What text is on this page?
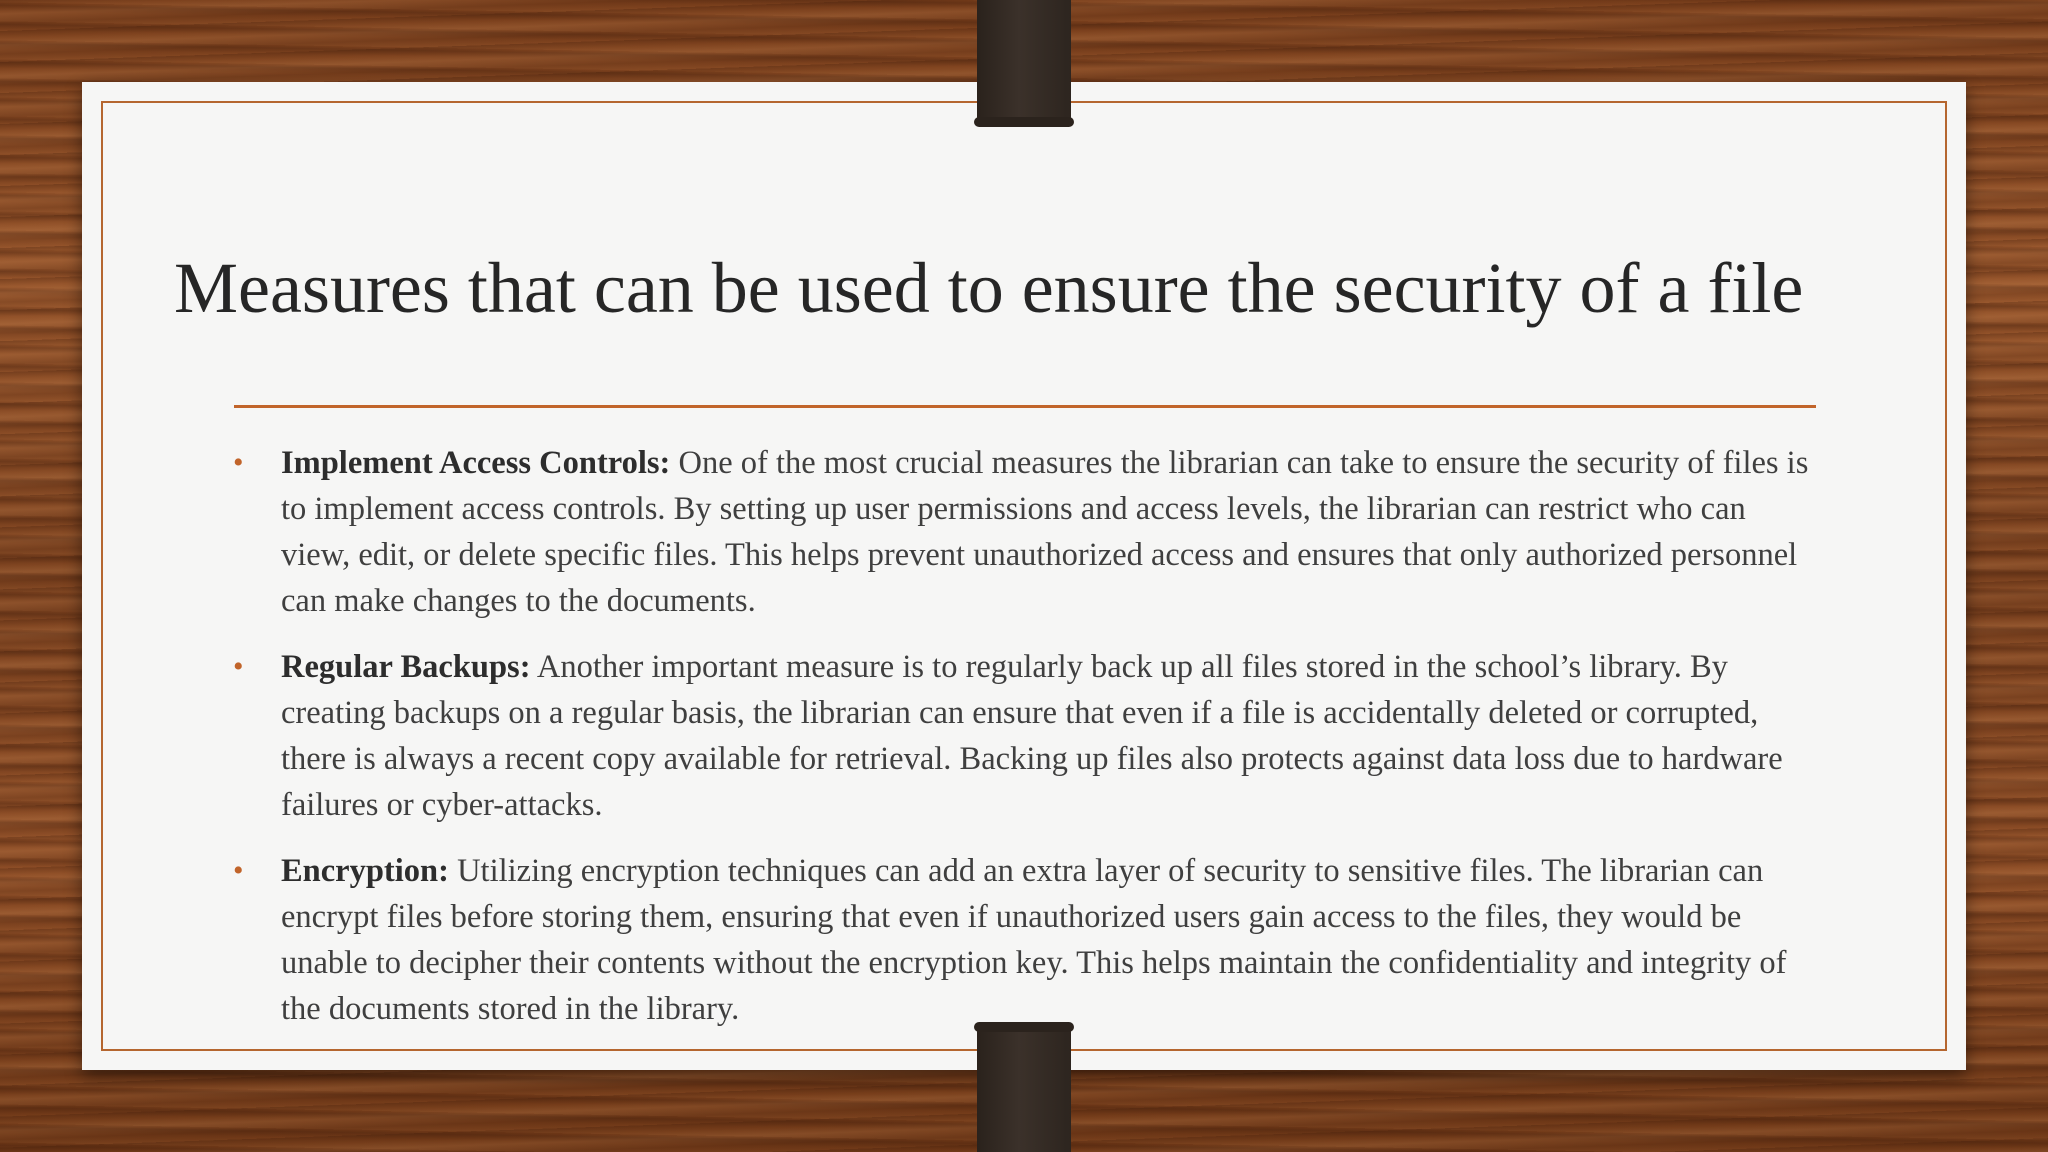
Measures that can be used to ensure the security of a file
• Implement Access Controls: One of the most crucial measures the librarian can take to ensure the security of files is to implement access controls. By setting up user permissions and access levels, the librarian can restrict who can view, edit, or delete specific files. This helps prevent unauthorized access and ensures that only authorized personnel can make changes to the documents.
• Regular Backups: Another important measure is to regularly back up all files stored in the school’s library. By creating backups on a regular basis, the librarian can ensure that even if a file is accidentally deleted or corrupted, there is always a recent copy available for retrieval. Backing up files also protects against data loss due to hardware failures or cyber-attacks.
• Encryption: Utilizing encryption techniques can add an extra layer of security to sensitive files. The librarian can encrypt files before storing them, ensuring that even if unauthorized users gain access to the files, they would be unable to decipher their contents without the encryption key. This helps maintain the confidentiality and integrity of the documents stored in the library.
